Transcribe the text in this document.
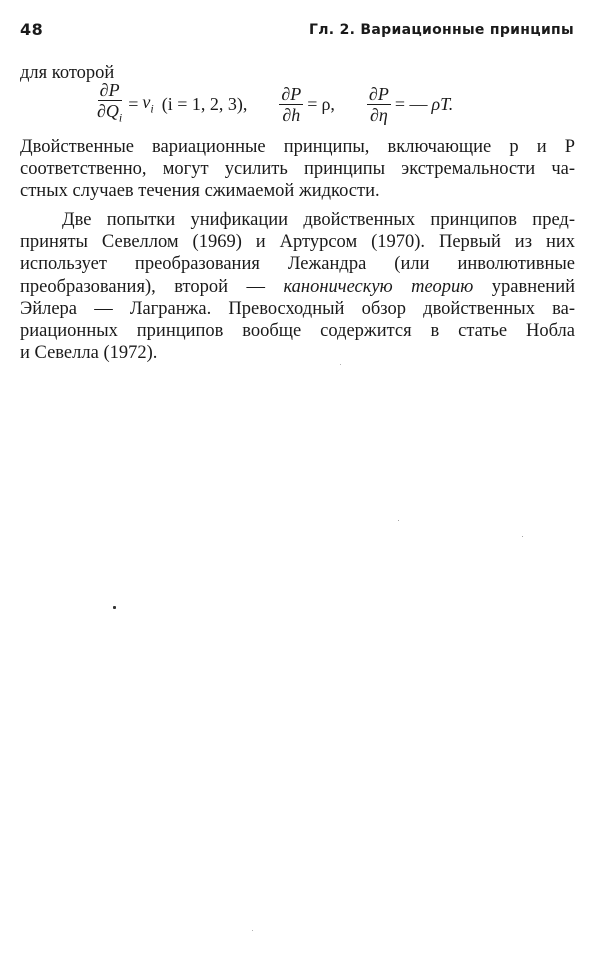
48	Гл. 2. Вариационные принципы
для которой
$\frac{\partial P}{\partial Q_i} = v_i$ (i = 1, 2, 3), $\frac{\partial P}{\partial h} = \rho$, $\frac{\partial P}{\partial\eta}$ = — ρT.
Двойственные вариационные принципы, включающие p и P
соответственно, могут усилить принципы экстремальности ча-
стных случаев течения сжимаемой жидкости.
Две попытки унификации двойственных принципов пред-
приняты Севеллом (1969) и Артурсом (1970). Первый из них
использует преобразования Лежандра (или инволютивные
преобразования), второй — каноническую теорию уравнений
Эйлера — Лагранжа. Превосходный обзор двойственных ва-
риационных принципов вообще содержится в статье Нобла
и Севелла (1972).
